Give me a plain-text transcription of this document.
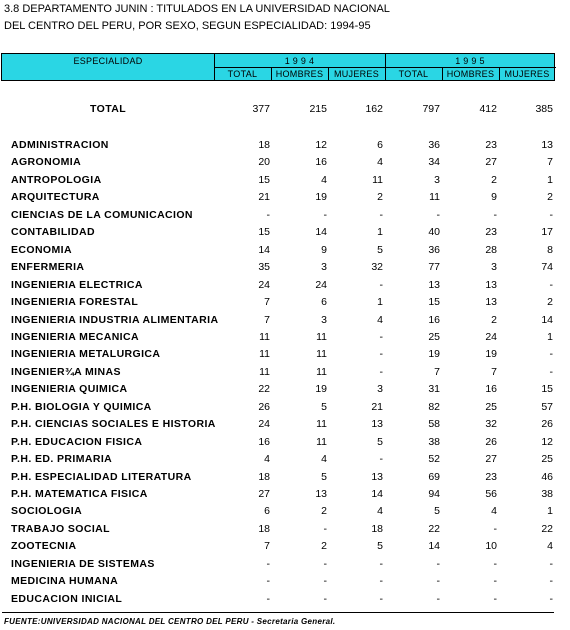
3.8 DEPARTAMENTO JUNIN : TITULADOS EN LA UNIVERSIDAD NACIONAL
DEL CENTRO DEL PERU, POR SEXO, SEGUN ESPECIALIDAD: 1994-95
ESPECIALIDAD	1 9 9 4	1 9 9 5
TOTAL	HOMBRES	MUJERES	TOTAL	HOMBRES	MUJERES
TOTAL	377	215	162	797	412	385
ADMINISTRACION	18	12	6	36	23	13
AGRONOMIA	20	16	4	34	27	7
ANTROPOLOGIA	15	4	11	3	2	1
ARQUITECTURA	21	19	2	11	9	2
CIENCIAS DE LA COMUNICACION	-	-	-	-	-	-
CONTABILIDAD	15	14	1	40	23	17
ECONOMIA	14	9	5	36	28	8
ENFERMERIA	35	3	32	77	3	74
INGENIERIA ELECTRICA	24	24	-	13	13	-
INGENIERIA FORESTAL	7	6	1	15	13	2
INGENIERIA INDUSTRIA ALIMENTARIA	7	3	4	16	2	14
INGENIERIA MECANICA	11	11	-	25	24	1
INGENIERIA METALURGICA	11	11	-	19	19	-
INGENIER¾A MINAS	11	11	-	7	7	-
INGENIERIA QUIMICA	22	19	3	31	16	15
P.H. BIOLOGIA Y QUIMICA	26	5	21	82	25	57
P.H. CIENCIAS SOCIALES E HISTORIA	24	11	13	58	32	26
P.H. EDUCACION FISICA	16	11	5	38	26	12
P.H. ED. PRIMARIA	4	4	-	52	27	25
P.H. ESPECIALIDAD LITERATURA	18	5	13	69	23	46
P.H. MATEMATICA FISICA	27	13	14	94	56	38
SOCIOLOGIA	6	2	4	5	4	1
TRABAJO SOCIAL	18	-	18	22	-	22
ZOOTECNIA	7	2	5	14	10	4
INGENIERIA DE SISTEMAS	-	-	-	-	-	-
MEDICINA HUMANA	-	-	-	-	-	-
EDUCACION INICIAL	-	-	-	-	-	-
FUENTE:UNIVERSIDAD NACIONAL DEL CENTRO DEL PERU - Secretaria General.
